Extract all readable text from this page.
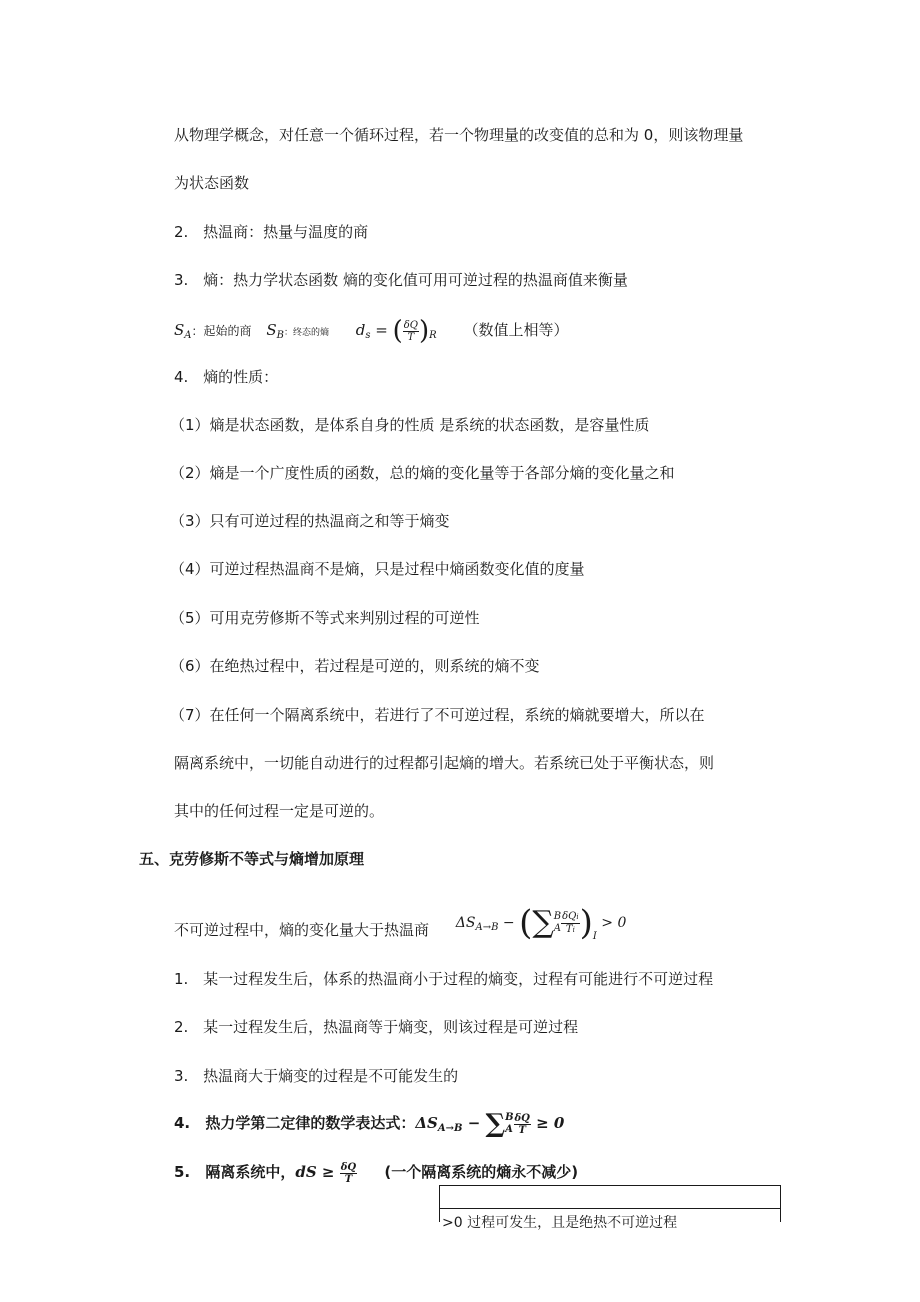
从物理学概念，对任意一个循环过程，若一个物理量的改变值的总和为 0，则该物理量
为状态函数
2. 热温商：热量与温度的商
3. 熵：热力学状态函数 熵的变化值可用可逆过程的热温商值来衡量
$S_A$：起始的商 $S_B$：终态的熵 $d_s$ = ( $\frac{\delta Q}{T} )_R$ （数值上相等）
4. 熵的性质：
（1）熵是状态函数，是体系自身的性质 是系统的状态函数，是容量性质
（2）熵是一个广度性质的函数，总的熵的变化量等于各部分熵的变化量之和
（3）只有可逆过程的热温商之和等于熵变
（4）可逆过程热温商不是熵，只是过程中熵函数变化值的度量
（5）可用克劳修斯不等式来判别过程的可逆性
（6）在绝热过程中，若过程是可逆的，则系统的熵不变
（7）在任何一个隔离系统中，若进行了不可逆过程，系统的熵就要增大，所以在
隔离系统中，一切能自动进行的过程都引起熵的增大。若系统已处于平衡状态，则
其中的任何过程一定是可逆的。
五、克劳修斯不等式与熵增加原理
不可逆过程中，熵的变化量大于热温商 $\Delta S_{A\to B}$ − (∑ B
A $\frac{\text{δQi}}{Ti} )_I > 0$
1. 某一过程发生后，体系的热温商小于过程的熵变，过程有可能进行不可逆过程
2. 某一过程发生后，热温商等于熵变，则该过程是可逆过程
3. 热温商大于熵变的过程是不可能发生的
4. 热力学第二定律的数学表达式：$\Delta S_{A\to B}$ − ∑ B
A $\frac{\delta Q}{T} \ge 0$
5. 隔离系统中，dS ≥ $\frac{\delta Q}{T}$ (一个隔离系统的熵永不减少)
>0 过程可发生，且是绝热不可逆过程
